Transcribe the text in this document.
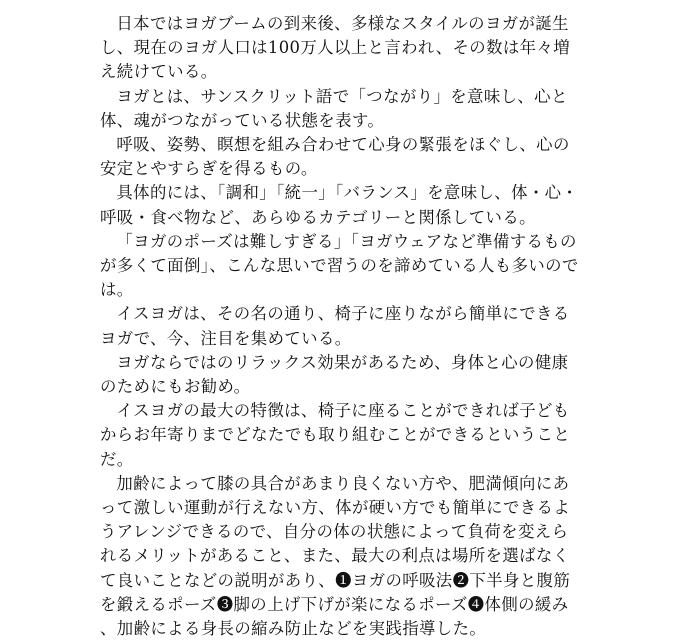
日本ではヨガブームの到来後、多様なスタイルのヨガが誕生し、現在のヨガ人口は100万人以上と言われ、その数は年々増え続けている。

ヨガとは、サンスクリット語で「つながり」を意味し、心と体、魂がつながっている状態を表す。

呼吸、姿勢、瞑想を組み合わせて心身の緊張をほぐし、心の安定とやすらぎを得るもの。

具体的には、「調和」「統一」「バランス」を意味し、体・心・呼吸・食べ物など、あらゆるカテゴリーと関係している。

「ヨガのポーズは難しすぎる」「ヨガウェアなど準備するものが多くて面倒」、こんな思いで習うのを諦めている人も多いのでは。

イスヨガは、その名の通り、椅子に座りながら簡単にできるヨガで、今、注目を集めている。

ヨガならではのリラックス効果があるため、身体と心の健康のためにもお勧め。

イスヨガの最大の特徴は、椅子に座ることができれば子どもからお年寄りまでどなたでも取り組むことができるということだ。

加齢によって膝の具合があまり良くない方や、肥満傾向にあって激しい運動が行えない方、体が硬い方でも簡単にできるようアレンジできるので、自分の体の状態によって負荷を変えられるメリットがあること、また、最大の利点は場所を選ばなくて良いことなどの説明があり、❶ヨガの呼吸法❷下半身と腹筋を鍛えるポーズ❸脚の上げ下げが楽になるポーズ❹体側の緩み、加齢による身長の縮み防止などを実践指導した。
